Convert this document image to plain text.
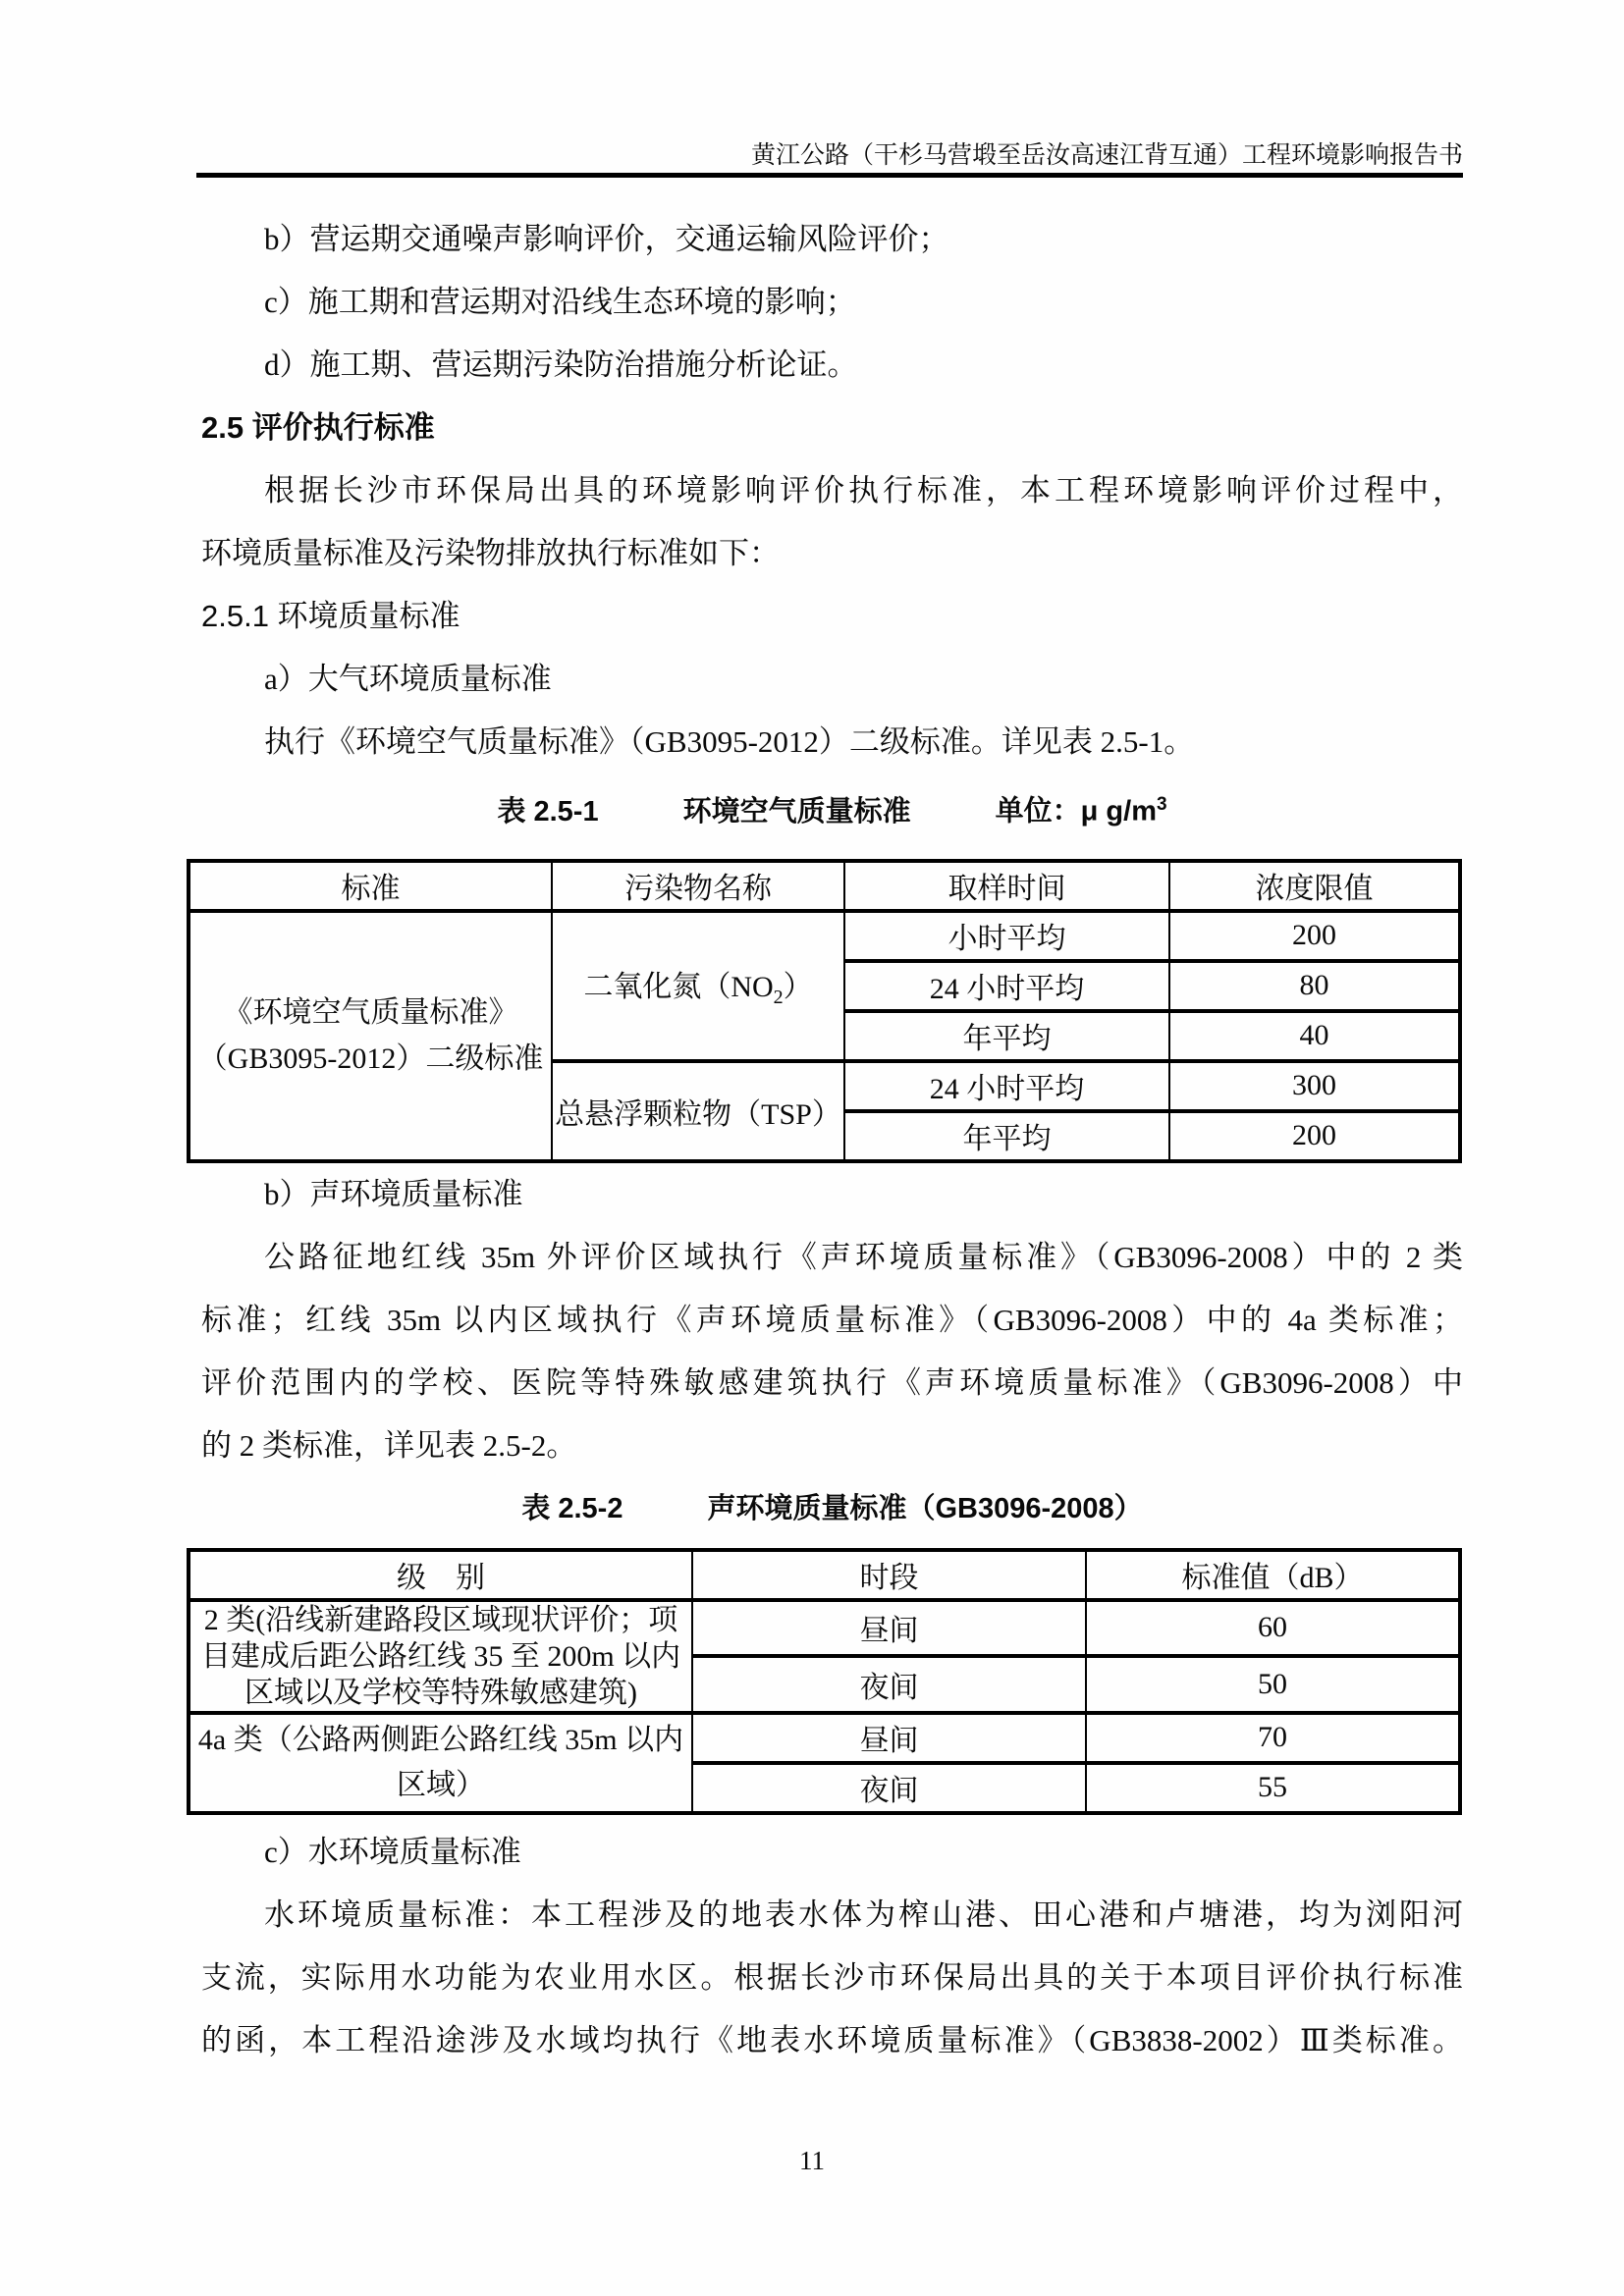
黄江公路（干杉马营塅至岳汝高速江背互通）工程环境影响报告书

b）营运期交通噪声影响评价，交通运输风险评价；

c）施工期和营运期对沿线生态环境的影响；

d）施工期、营运期污染防治措施分析论证。

2.5 评价执行标准

根据长沙市环保局出具的环境影响评价执行标准，本工程环境影响评价过程中，

环境质量标准及污染物排放执行标准如下：

2.5.1 环境质量标准

a）大气环境质量标准

执行《环境空气质量标准》（GB3095-2012）二级标准。详见表 2.5-1。

表 2.5-1	环境空气质量标准	单位：μ $g/m^3$
标准	污染物名称	取样时间	浓度限值

《环境空气质量标准》
（GB3095-2012）二级标准	二氧化氮$(NO_2)$	小时平均	200
		24 小时平均	80
		年平均	40
	总悬浮颗粒物（TSP）	24 小时平均	300
		年平均	200

b）声环境质量标准

公路征地红线 35m 外评价区域执行《声环境质量标准》（GB3096-2008）中的 2 类

标准；红线 35m 以内区域执行《声环境质量标准》（GB3096-2008）中的 4a 类标准；

评价范围内的学校、医院等特殊敏感建筑执行《声环境质量标准》（GB3096-2008）中

的 2 类标准，详见表 2.5-2。

表 2.5-2	声环境质量标准（GB3096-2008）
级　别	时段	标准值（dB）

2 类(沿线新建路段区域现状评价；项
目建成后距公路红线 35 至 200m 以内
区域以及学校等特殊敏感建筑)	昼间	60
	夜间	50

4a 类（公路两侧距公路红线 35m 以内
区域）	昼间	70
	夜间	55

c）水环境质量标准

水环境质量标准：本工程涉及的地表水体为榨山港、田心港和卢塘港，均为浏阳河

支流，实际用水功能为农业用水区。根据长沙市环保局出具的关于本项目评价执行标准

的函，本工程沿途涉及水域均执行《地表水环境质量标准》（GB3838-2002）Ⅲ类标准。

11
